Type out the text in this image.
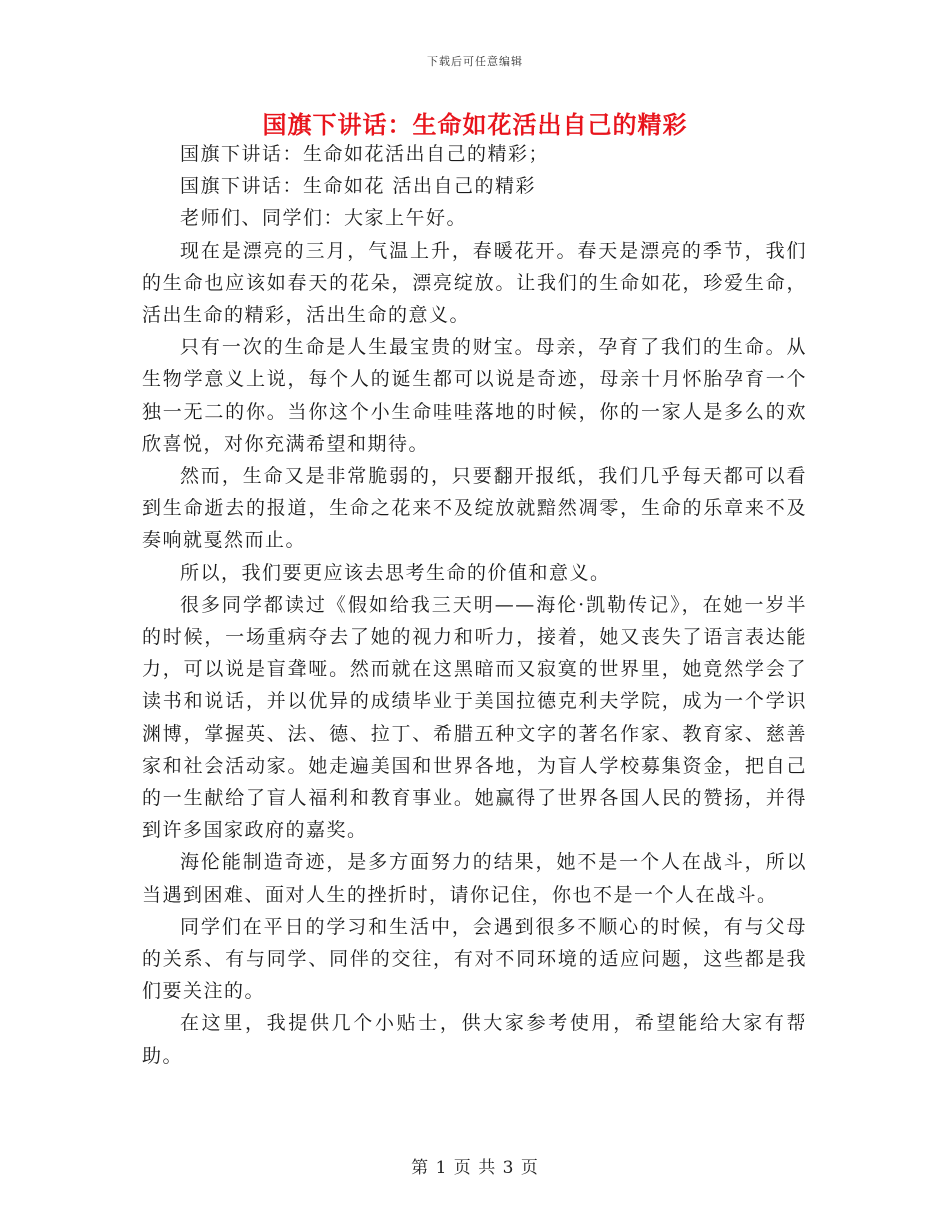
下载后可任意编辑
国旗下讲话：生命如花活出自己的精彩

国旗下讲话：生命如花活出自己的精彩；

国旗下讲话：生命如花 活出自己的精彩

老师们、同学们：大家上午好。

现在是漂亮的三月，气温上升，春暖花开。春天是漂亮的季节，我们的生命也应该如春天的花朵，漂亮绽放。让我们的生命如花，珍爱生命，活出生命的精彩，活出生命的意义。

只有一次的生命是人生最宝贵的财宝。母亲，孕育了我们的生命。从生物学意义上说，每个人的诞生都可以说是奇迹，母亲十月怀胎孕育一个独一无二的你。当你这个小生命哇哇落地的时候，你的一家人是多么的欢欣喜悦，对你充满希望和期待。

然而，生命又是非常脆弱的，只要翻开报纸，我们几乎每天都可以看到生命逝去的报道，生命之花来不及绽放就黯然凋零，生命的乐章来不及奏响就戛然而止。

所以，我们要更应该去思考生命的价值和意义。

很多同学都读过《假如给我三天明——海伦·凯勒传记》，在她一岁半的时候，一场重病夺去了她的视力和听力，接着，她又丧失了语言表达能力，可以说是盲聋哑。然而就在这黑暗而又寂寞的世界里，她竟然学会了读书和说话，并以优异的成绩毕业于美国拉德克利夫学院，成为一个学识渊博，掌握英、法、德、拉丁、希腊五种文字的著名作家、教育家、慈善家和社会活动家。她走遍美国和世界各地，为盲人学校募集资金，把自己的一生献给了盲人福利和教育事业。她赢得了世界各国人民的赞扬，并得到许多国家政府的嘉奖。

海伦能制造奇迹，是多方面努力的结果，她不是一个人在战斗，所以当遇到困难、面对人生的挫折时，请你记住，你也不是一个人在战斗。

同学们在平日的学习和生活中，会遇到很多不顺心的时候，有与父母的关系、有与同学、同伴的交往，有对不同环境的适应问题，这些都是我们要关注的。

在这里，我提供几个小贴士，供大家参考使用，希望能给大家有帮助。

第 1 页 共 3 页
